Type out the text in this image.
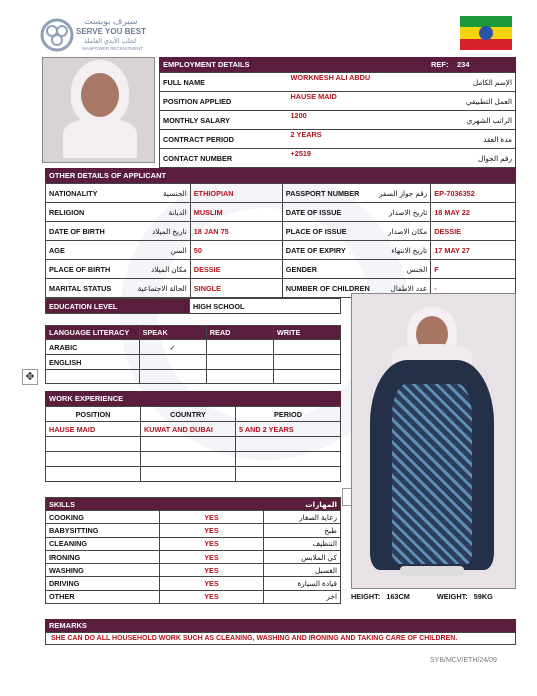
سيرف يوبست
SERVE YOU BEST
لجلب الأيدي العاملة
MANPOWER RECRUITMENT
EMPLOYMENT DETAILS	REF: 234
FULL NAME	WORKNESH ALI ABDU	الإسم الكامل
POSITION APPLIED	HAUSE MAID	العمل التطبيقي
MONTHLY SALARY	1200	الراتب الشهري
CONTRACT PERIOD	2 YEARS	مدة العقد
CONTACT NUMBER	+2519	رقم الجوال
OTHER DETAILS OF APPLICANT
NATIONALITY	الجنسية	ETHIOPIAN	PASSPORT NUMBER	رقم جواز السفر	EP-7036352
RELIGION	الديانة	MUSLIM	DATE OF ISSUE	تاريخ الاصدار	18 MAY 22
DATE OF BIRTH	تاريخ الميلاد	18 JAN 75	PLACE OF ISSUE	مكان الاصدار	DESSIE
AGE	السن	50	DATE OF EXPIRY	تاريخ الانتهاء	17 MAY 27
PLACE OF BIRTH	مكان الميلاد	DESSIE	GENDER	الجنس	F
MARITAL STATUS	الحالة الاجتماعية	SINGLE	NUMBER OF CHILDREN	عدد الاطفال	-
EDUCATION LEVEL	HIGH SCHOOL
LANGUAGE LITERACY	SPEAK	READ	WRITE
ARABIC	✓		
ENGLISH			

✥
WORK EXPERIENCE
POSITION	COUNTRY	PERIOD
HAUSE MAID	KUWAT AND DUBAI	5 AND 2 YEARS

SKILLS		المهارات
COOKING	YES	رعاية الصغار
BABYSITTING	YES	طبخ
CLEANING	YES	التنظيف
IRONING	YES	كي الملابس
WASHING	YES	الغسيل
DRIVING	YES	قيادة السيارة
OTHER	YES	اخر HEIGHT: 163CM	WEIGHT: 59KG
REMARKS
SHE CAN DO ALL HOUSEHOLD WORK SUCH AS CLEANING, WASHING AND IRONING AND TAKING CARE OF CHILDREN.
SYB/MCV/ETH/24/09
